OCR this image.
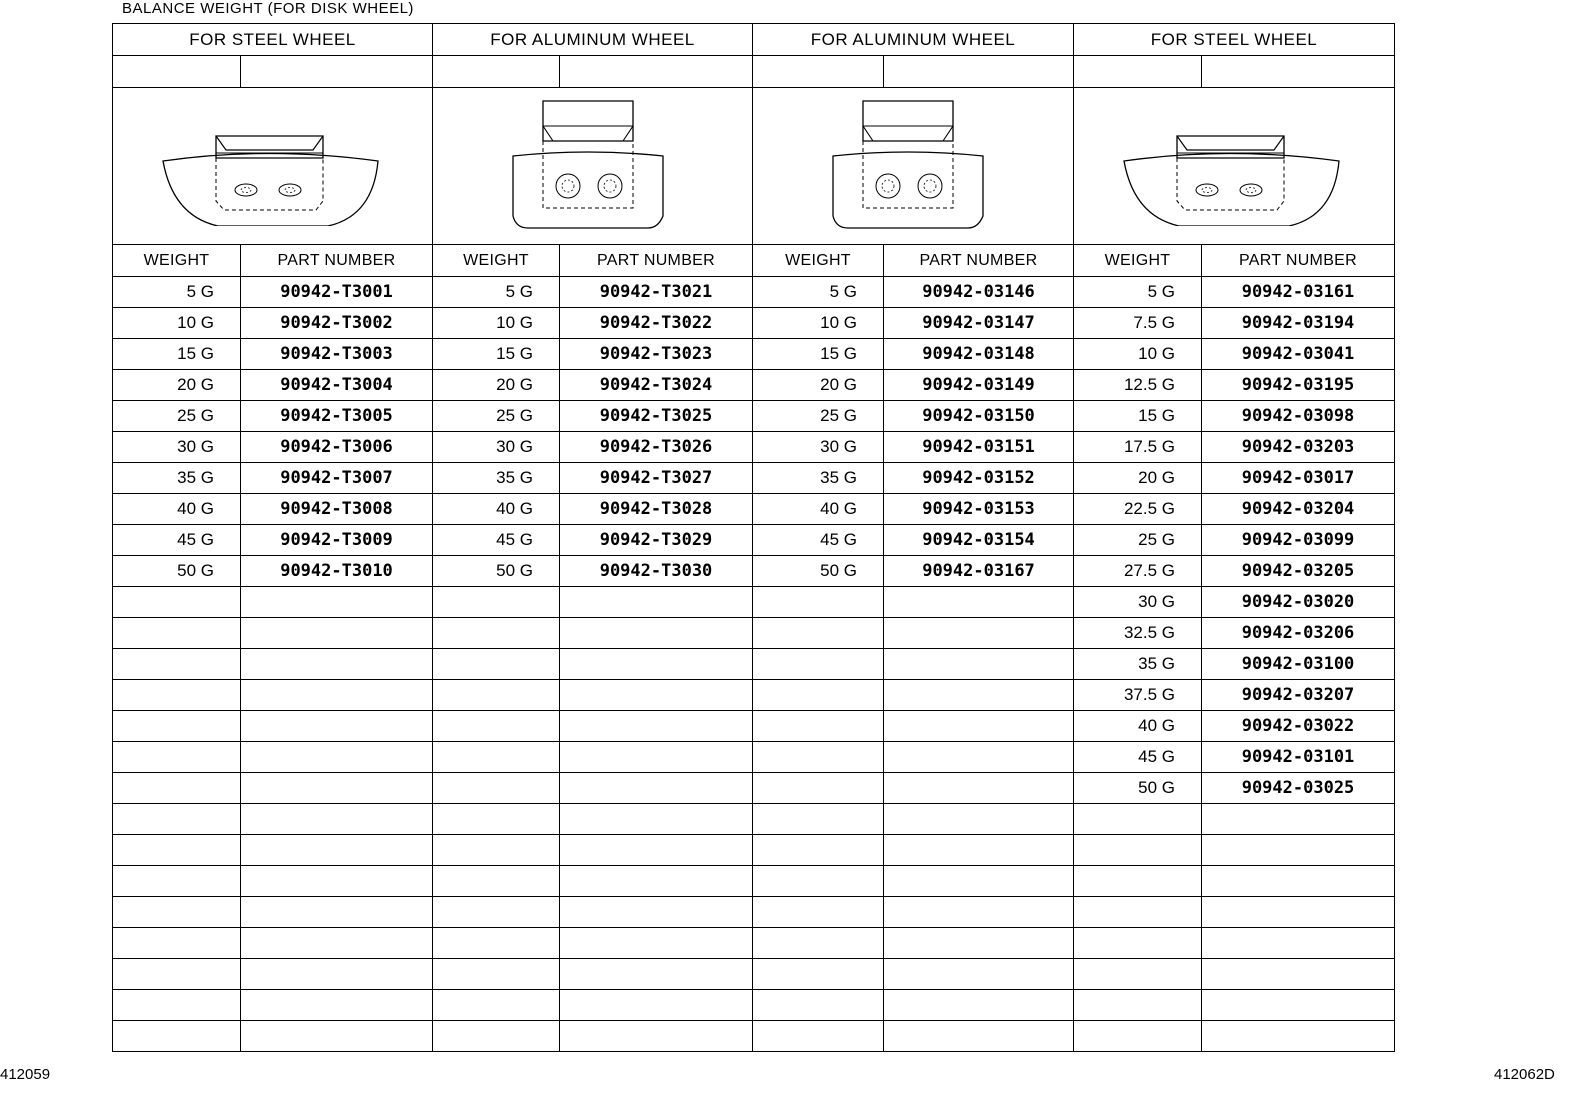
BALANCE WEIGHT (FOR DISK WHEEL)
FOR STEEL WHEEL		FOR ALUMINUM WHEEL		FOR ALUMINUM WHEEL		FOR STEEL WHEEL	

WEIGHT	PART NUMBER	WEIGHT	PART NUMBER	WEIGHT	PART NUMBER	WEIGHT	PART NUMBER
5 G	90942-T3001	5 G	90942-T3021	5 G	90942-03146	5 G	90942-03161
10 G	90942-T3002	10 G	90942-T3022	10 G	90942-03147	7.5 G	90942-03194
15 G	90942-T3003	15 G	90942-T3023	15 G	90942-03148	10 G	90942-03041
20 G	90942-T3004	20 G	90942-T3024	20 G	90942-03149	12.5 G	90942-03195
25 G	90942-T3005	25 G	90942-T3025	25 G	90942-03150	15 G	90942-03098
30 G	90942-T3006	30 G	90942-T3026	30 G	90942-03151	17.5 G	90942-03203
35 G	90942-T3007	35 G	90942-T3027	35 G	90942-03152	20 G	90942-03017
40 G	90942-T3008	40 G	90942-T3028	40 G	90942-03153	22.5 G	90942-03204
45 G	90942-T3009	45 G	90942-T3029	45 G	90942-03154	25 G	90942-03099
50 G	90942-T3010	50 G	90942-T3030	50 G	90942-03167	27.5 G	90942-03205
						30 G	90942-03020
						32.5 G	90942-03206
						35 G	90942-03100
						37.5 G	90942-03207
						40 G	90942-03022
						45 G	90942-03101
						50 G	90942-03025

412059	412062D
